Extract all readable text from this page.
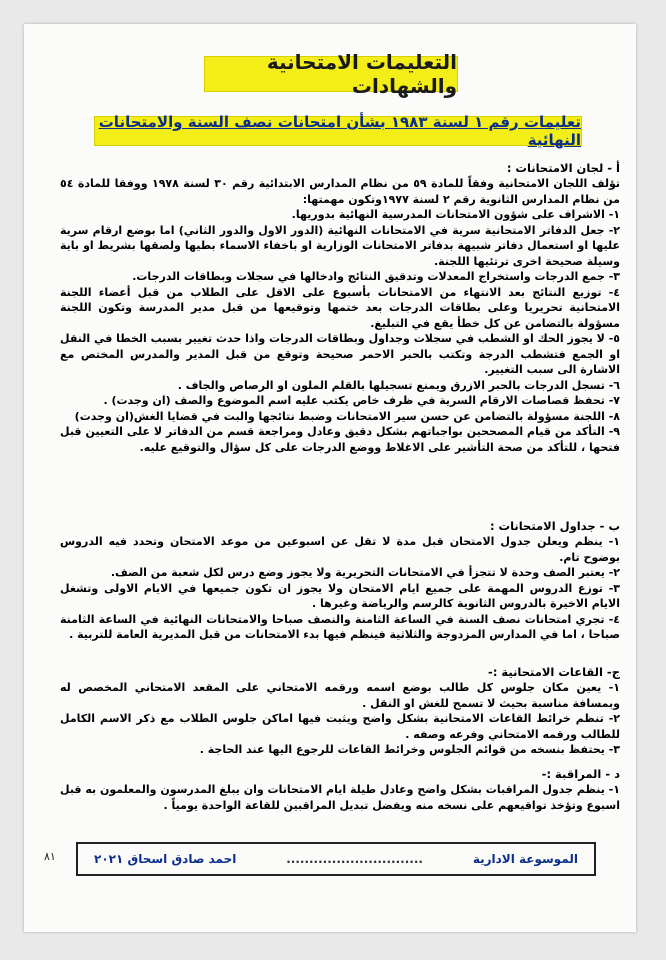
التعليمات الامتحانية والشهادات
تعليمات رقم ١ لسنة ١٩٨٣ بشأن امتحانات نصف السنة والامتحانات النهائية
أ - لجان الامتحانات :
تؤلف اللجان الامتحانية وفقاً للمادة ٥٩ من نظام المدارس الابتدائية رقم ٣٠ لسنة ١٩٧٨ ووفقا للمادة ٥٤ من نظام المدارس الثانوية رقم ٢ لسنة ١٩٧٧وتكون مهمتها:
١- الاشراف على شؤون الامتحانات المدرسية النهائية بدوريها.
٢- جعل الدفاتر الامتحانية سرية في الامتحانات النهائية (الدور الاول والدور الثاني) اما بوضع ارقام سرية عليها او استعمال دفاتر شبيهة بدفاتر الامتحانات الوزارية او باخفاء الاسماء بطيها ولصقها بشريط او باية وسيلة صحيحة اخرى ترتئيها اللجنة.
٣- جمع الدرجات واستخراج المعدلات وتدقيق النتائج وادخالها في سجلات وبطاقات الدرجات.
٤- توزيع النتائج بعد الانتهاء من الامتحانات بأسبوع على الاقل على الطلاب من قبل أعضاء اللجنة الامتحانية تحريريا وعلى بطاقات الدرجات بعد ختمها وتوقيعها من قبل مدير المدرسة وتكون اللجنة مسؤولة بالتضامن عن كل خطأ يقع في التبليغ.
٥- لا يجوز الحك او الشطب في سجلات وجداول وبطاقات الدرجات واذا حدث تغيير بسبب الخطا في النقل او الجمع فتشطب الدرجة وتكتب بالحبر الاحمر صحيحة وتوقع من قبل المدير والمدرس المختص مع الاشارة الى سبب التغيير.
٦- تسجل الدرجات بالحبر الازرق ويمنع تسجيلها بالقلم الملون او الرصاص والجاف .
٧- تحفظ قصاصات الارقام السرية في ظرف خاص يكتب عليه اسم الموضوع والصف (ان وجدت) .
٨- اللجنة مسؤولة بالتضامن عن حسن سير الامتحانات وضبط نتائجها والبت في قضايا الغش(ان وجدت)
٩- التأكد من قيام المصححين بواجباتهم بشكل دقيق وعادل ومراجعة قسم من الدفاتر لا على التعيين قبل فتحها ، للتأكد من صحة التأشير على الاغلاط ووضع الدرجات على كل سؤال والتوقيع عليه.
ب - جداول الامتحانات :
١- ينظم ويعلن جدول الامتحان قبل مدة لا تقل عن اسبوعين من موعد الامتحان وتحدد فيه الدروس بوضوح تام.
٢- يعتبر الصف وحدة لا تتجزأ في الامتحانات التحريرية ولا يجوز وضع درس لكل شعبة من الصف.
٣- توزع الدروس المهمة على جميع ايام الامتحان ولا يجوز ان تكون جميعها في الايام الاولى وتشغل الايام الاخيرة بالدروس الثانوية كالرسم والرياضة وغيرها .
٤- تجري امتحانات نصف السنة في الساعة الثامنة والنصف صباحا والامتحانات النهائية في الساعة الثامنة صباحا ، اما في المدارس المزدوجة والثلاثية فينظم فيها بدء الامتحانات من قبل المديرية العامة للتربية .
ج- القاعات الامتحانية :-
١- يعين مكان جلوس كل طالب بوضع اسمه ورقمه الامتحاني على المقعد الامتحاني المخصص له وبمسافة مناسبة بحيث لا تسمح للغش او النقل .
٢- تنظم خرائط القاعات الامتحانية بشكل واضح ويثبت فيها اماكن جلوس الطلاب مع ذكر الاسم الكامل للطالب ورقمه الامتحاني وفرعه وصفه .
٣- يحتفظ بنسخه من قوائم الجلوس وخرائط القاعات للرجوع اليها عند الحاجة .
د - المراقبة :-
١- ينظم جدول المراقبات بشكل واضح وعادل طيلة ايام الامتحانات وان يبلغ المدرسون والمعلمون به قبل اسبوع وتؤخذ تواقيعهم على نسخه منه ويفضل تبديل المراقبين للقاعة الواحدة يومياً .
٨١	الموسوعة الادارية
..............................
احمد صادق اسحاق ٢٠٢١
